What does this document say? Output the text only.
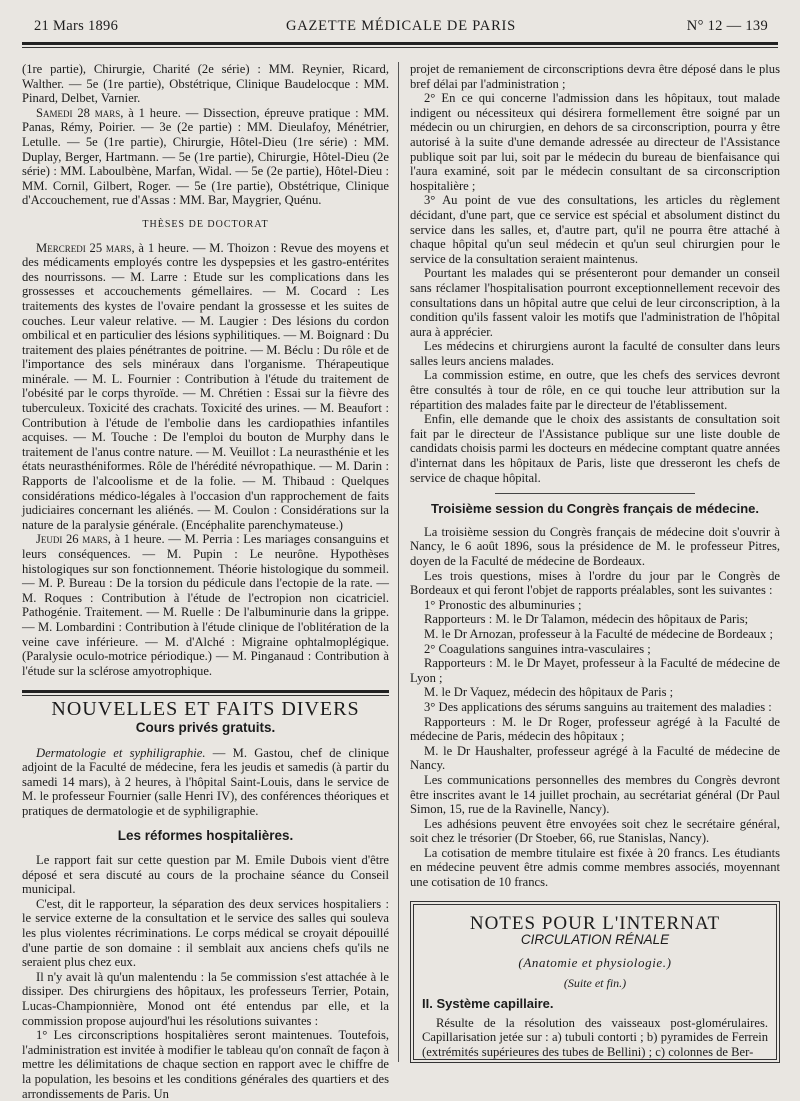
21 Mars 1896	GAZETTE MÉDICALE DE PARIS	N° 12 — 139

(1re partie), Chirurgie, Charité (2e série) : MM. Reynier, Ricard, Walther. — 5e (1re partie), Obstétrique, Clinique Baudelocque : MM. Pinard, Delbet, Varnier.

Samedi 28 mars, à 1 heure. — Dissection, épreuve pratique : MM. Panas, Rémy, Poirier. — 3e (2e partie) : MM. Dieulafoy, Ménétrier, Letulle. — 5e (1re partie), Chirurgie, Hôtel-Dieu (1re série) : MM. Duplay, Berger, Hartmann. — 5e (1re partie), Chirurgie, Hôtel-Dieu (2e série) : MM. Laboulbène, Marfan, Widal. — 5e (2e partie), Hôtel-Dieu : MM. Cornil, Gilbert, Roger. — 5e (1re partie), Obstétrique, Clinique d'Accouchement, rue d'Assas : MM. Bar, Maygrier, Quénu.

THÈSES DE DOCTORAT

Mercredi 25 mars, à 1 heure. — M. Thoizon : Revue des moyens et des médicaments employés contre les dyspepsies et les gastro-entérites des nourrissons. — M. Larre : Etude sur les complications dans les grossesses et accouchements gémellaires. — M. Cocard : Les traitements des kystes de l'ovaire pendant la grossesse et les suites de couches. Leur valeur relative. — M. Laugier : Des lésions du cordon ombilical et en particulier des lésions syphilitiques. — M. Boignard : Du traitement des plaies pénétrantes de poitrine. — M. Béclu : Du rôle et de l'importance des sels minéraux dans l'organisme. Thérapeutique minérale. — M. L. Fournier : Contribution à l'étude du traitement de l'obésité par le corps thyroïde. — M. Chrétien : Essai sur la fièvre des tuberculeux. Toxicité des crachats. Toxicité des urines. — M. Beaufort : Contribution à l'étude de l'embolie dans les cardiopathies infantiles acquises. — M. Touche : De l'emploi du bouton de Murphy dans le traitement de l'anus contre nature. — M. Veuillot : La neurasthénie et les états neurasthéniformes. Rôle de l'hérédité névropathique. — M. Darin : Rapports de l'alcoolisme et de la folie. — M. Thibaud : Quelques considérations médico-légales à l'occasion d'un rapprochement de faits judiciaires concernant les aliénés. — M. Coulon : Considérations sur la nature de la paralysie générale. (Encéphalite parenchymateuse.)

Jeudi 26 mars, à 1 heure. — M. Perria : Les mariages consanguins et leurs conséquences. — M. Pupin : Le neurône. Hypothèses histologiques sur son fonctionnement. Théorie histologique du sommeil. — M. P. Bureau : De la torsion du pédicule dans l'ectopie de la rate. — M. Roques : Contribution à l'étude de l'ectropion non cicatriciel. Pathogénie. Traitement. — M. Ruelle : De l'albuminurie dans la grippe. — M. Lombardini : Contribution à l'étude clinique de l'oblitération de la veine cave inférieure. — M. d'Alché : Migraine ophtalmoplégique. (Paralysie oculo-motrice périodique.) — M. Pinganaud : Contribution à l'étude sur la sclérose amyotrophique.

NOUVELLES ET FAITS DIVERS
Cours privés gratuits.

Dermatologie et syphiligraphie. — M. Gastou, chef de clinique adjoint de la Faculté de médecine, fera les jeudis et samedis (à partir du samedi 14 mars), à 2 heures, à l'hôpital Saint-Louis, dans le service de M. le professeur Fournier (salle Henri IV), des conférences théoriques et pratiques de dermatologie et de syphiligraphie.

Les réformes hospitalières.

Le rapport fait sur cette question par M. Emile Dubois vient d'être déposé et sera discuté au cours de la prochaine séance du Conseil municipal.

C'est, dit le rapporteur, la séparation des deux services hospitaliers : le service externe de la consultation et le service des salles qui souleva les plus violentes récriminations. Le corps médical se croyait dépouillé d'une partie de son domaine : il semblait aux anciens chefs qu'ils ne seraient plus chez eux.

Il n'y avait là qu'un malentendu : la 5e commission s'est attachée à le dissiper. Des chirurgiens des hôpitaux, les professeurs Terrier, Potain, Lucas-Championnière, Monod ont été entendus par elle, et la commission propose aujourd'hui les résolutions suivantes :

1° Les circonscriptions hospitalières seront maintenues. Toutefois, l'administration est invitée à modifier le tableau qu'on connaît de façon à mettre les délimitations de chaque section en rapport avec le chiffre de la population, les besoins et les conditions générales des quartiers et des arrondissements de Paris. Un

projet de remaniement de circonscriptions devra être déposé dans le plus bref délai par l'administration ;

2° En ce qui concerne l'admission dans les hôpitaux, tout malade indigent ou nécessiteux qui désirera formellement être soigné par un médecin ou un chirurgien, en dehors de sa circonscription, pourra y être autorisé à la suite d'une demande adressée au directeur de l'Assistance publique soit par lui, soit par le médecin du bureau de bienfaisance qui l'aura examiné, soit par le médecin consultant de sa circonscription hospitalière ;

3° Au point de vue des consultations, les articles du règlement décidant, d'une part, que ce service est spécial et absolument distinct du service dans les salles, et, d'autre part, qu'il ne pourra être attaché à chaque hôpital qu'un seul médecin et qu'un seul chirurgien pour le service de la consultation seraient maintenus.

Pourtant les malades qui se présenteront pour demander un conseil sans réclamer l'hospitalisation pourront exceptionnellement recevoir des consultations dans un hôpital autre que celui de leur circonscription, à la condition qu'ils fassent valoir les motifs que l'administration de l'hôpital aura à apprécier.

Les médecins et chirurgiens auront la faculté de consulter dans leurs salles leurs anciens malades.

La commission estime, en outre, que les chefs des services devront être consultés à tour de rôle, en ce qui touche leur attribution sur la répartition des malades faite par le directeur de l'établissement.

Enfin, elle demande que le choix des assistants de consultation soit fait par le directeur de l'Assistance publique sur une liste double de candidats choisis parmi les docteurs en médecine comptant quatre années d'internat dans les hôpitaux de Paris, liste que dresseront les chefs de service de chaque hôpital.

Troisième session du Congrès français de médecine.

La troisième session du Congrès français de médecine doit s'ouvrir à Nancy, le 6 août 1896, sous la présidence de M. le professeur Pitres, doyen de la Faculté de médecine de Bordeaux.

Les trois questions, mises à l'ordre du jour par le Congrès de Bordeaux et qui feront l'objet de rapports préalables, sont les suivantes :

1° Pronostic des albuminuries ;

Rapporteurs : M. le Dr Talamon, médecin des hôpitaux de Paris;

M. le Dr Arnozan, professeur à la Faculté de médecine de Bordeaux ;

2° Coagulations sanguines intra-vasculaires ;

Rapporteurs : M. le Dr Mayet, professeur à la Faculté de médecine de Lyon ;

M. le Dr Vaquez, médecin des hôpitaux de Paris ;

3° Des applications des sérums sanguins au traitement des maladies :

Rapporteurs : M. le Dr Roger, professeur agrégé à la Faculté de médecine de Paris, médecin des hôpitaux ;

M. le Dr Haushalter, professeur agrégé à la Faculté de médecine de Nancy.

Les communications personnelles des membres du Congrès devront être inscrites avant le 14 juillet prochain, au secrétariat général (Dr Paul Simon, 15, rue de la Ravinelle, Nancy).

Les adhésions peuvent être envoyées soit chez le secrétaire général, soit chez le trésorier (Dr Stoeber, 66, rue Stanislas, Nancy).

La cotisation de membre titulaire est fixée à 20 francs. Les étudiants en médecine peuvent être admis comme membres associés, moyennant une cotisation de 10 francs.

NOTES POUR L'INTERNAT
CIRCULATION RÉNALE
(Anatomie et physiologie.)
(Suite et fin.)
II. Système capillaire.

Résulte de la résolution des vaisseaux post-glomérulaires. Capillarisation jetée sur : a) tubuli contorti ; b) pyramides de Ferrein (extrémités supérieures des tubes de Bellini) ; c) colonnes de Ber-
